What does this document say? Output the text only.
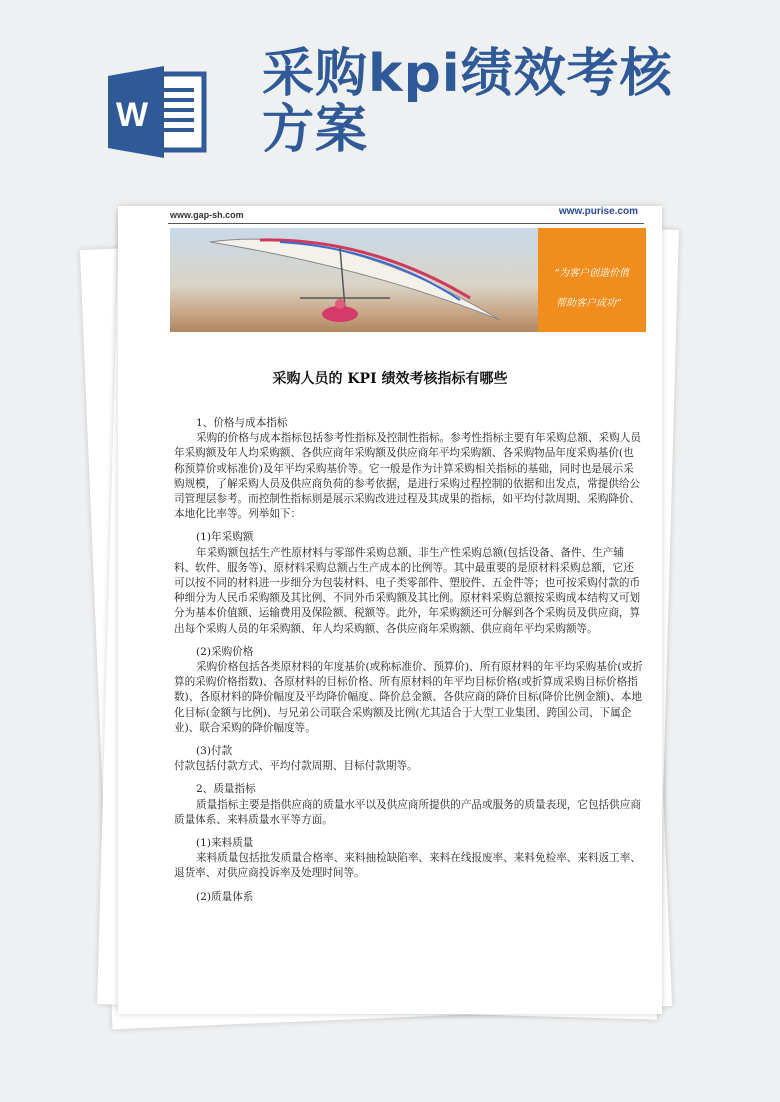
W
采购kpi绩效考核方案
www.gap-sh.com	www.purise.com
“为客户创造价值
帮助客户成功”
采购人员的 KPI 绩效考核指标有哪些

1、价格与成本指标

采购的价格与成本指标包括参考性指标及控制性指标。参考性指标主要有年采购总额、采购人员年采购额及年人均采购额、各供应商年采购额及供应商年平均采购额、各采购物品年度采购基价(也称预算价或标准价)及年平均采购基价等。它一般是作为计算采购相关指标的基础，同时也是展示采购规模，了解采购人员及供应商负荷的参考依据，是进行采购过程控制的依据和出发点，常提供给公司管理层参考。而控制性指标则是展示采购改进过程及其成果的指标，如平均付款周期、采购降价、本地化比率等。列举如下：

(1)年采购额

年采购额包括生产性原材料与零部件采购总额、非生产性采购总额(包括设备、备件、生产辅料、软件、服务等)、原材料采购总额占生产成本的比例等。其中最重要的是原材料采购总额，它还可以按不同的材料进一步细分为包装材料、电子类零部件、塑胶件、五金件等；也可按采购付款的币种细分为人民币采购额及其比例、不同外币采购额及其比例。原材料采购总额按采购成本结构又可划分为基本价值额、运输费用及保险额、税额等。此外，年采购额还可分解到各个采购员及供应商，算出每个采购人员的年采购额、年人均采购额、各供应商年采购额、供应商年平均采购额等。

(2)采购价格

采购价格包括各类原材料的年度基价(或称标准价、预算价)、所有原材料的年平均采购基价(或折算的采购价格指数)、各原材料的目标价格、所有原材料的年平均目标价格(或折算成采购目标价格指数)、各原材料的降价幅度及平均降价幅度、降价总金额、各供应商的降价目标(降价比例金额)、本地化目标(金额与比例)、与兄弟公司联合采购额及比例(尤其适合于大型工业集团、跨国公司、下属企业)、联合采购的降价幅度等。

(3)付款

付款包括付款方式、平均付款周期、目标付款期等。

2、质量指标

质量指标主要是指供应商的质量水平以及供应商所提供的产品或服务的质量表现，它包括供应商质量体系、来料质量水平等方面。

(1)来料质量

来料质量包括批发质量合格率、来料抽检缺陷率、来料在线报废率、来料免检率、来料返工率、退货率、对供应商投诉率及处理时间等。

(2)质量体系
